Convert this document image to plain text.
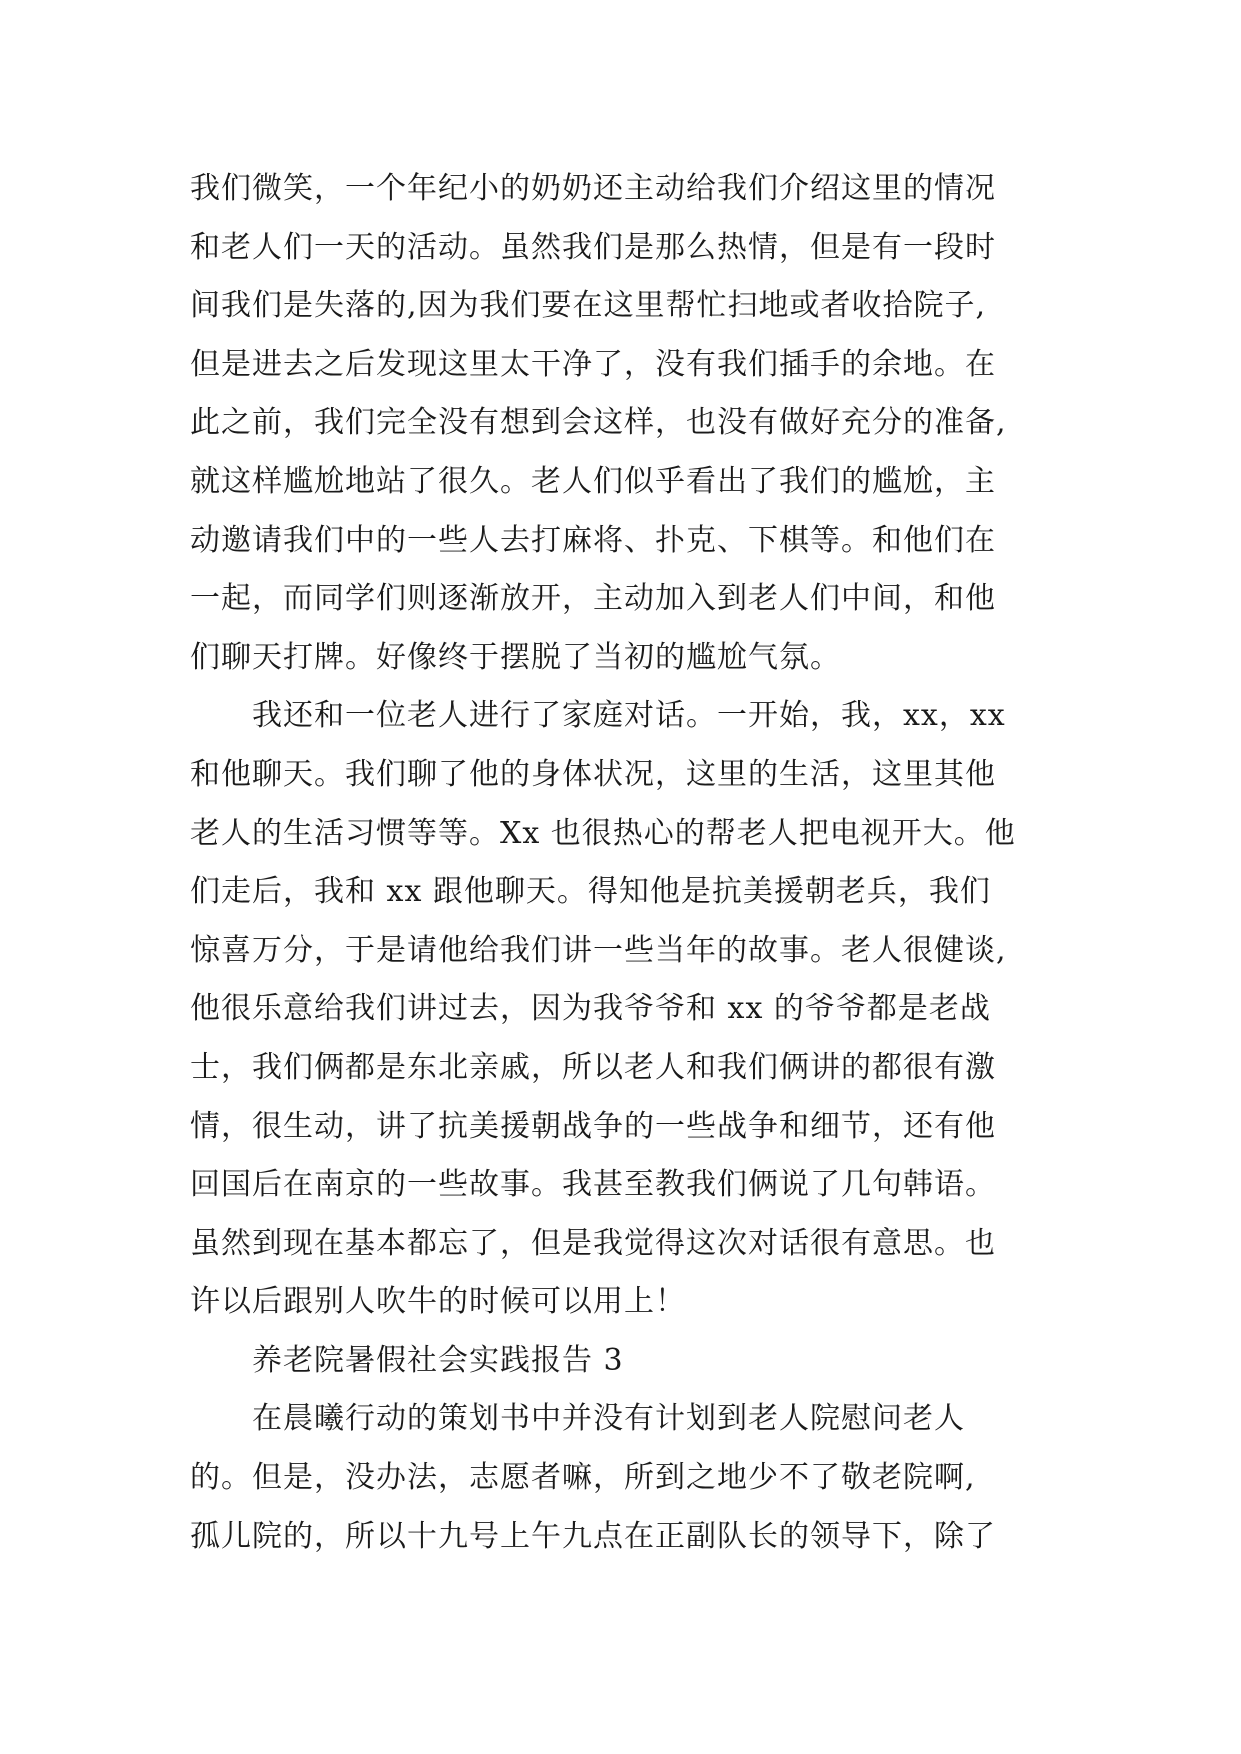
我们微笑，一个年纪小的奶奶还主动给我们介绍这里的情况
和老人们一天的活动。虽然我们是那么热情，但是有一段时
间我们是失落的,因为我们要在这里帮忙扫地或者收拾院子,
但是进去之后发现这里太干净了，没有我们插手的余地。在
此之前，我们完全没有想到会这样，也没有做好充分的准备,
就这样尴尬地站了很久。老人们似乎看出了我们的尴尬，主
动邀请我们中的一些人去打麻将、扑克、下棋等。和他们在
一起，而同学们则逐渐放开，主动加入到老人们中间，和他
们聊天打牌。好像终于摆脱了当初的尴尬气氛。
我还和一位老人进行了家庭对话。一开始，我，xx，xx
和他聊天。我们聊了他的身体状况，这里的生活，这里其他
老人的生活习惯等等。Xx 也很热心的帮老人把电视开大。他
们走后，我和 xx 跟他聊天。得知他是抗美援朝老兵，我们
惊喜万分，于是请他给我们讲一些当年的故事。老人很健谈,
他很乐意给我们讲过去，因为我爷爷和 xx 的爷爷都是老战
士，我们俩都是东北亲戚，所以老人和我们俩讲的都很有激
情，很生动，讲了抗美援朝战争的一些战争和细节，还有他
回国后在南京的一些故事。我甚至教我们俩说了几句韩语。
虽然到现在基本都忘了，但是我觉得这次对话很有意思。也
许以后跟别人吹牛的时候可以用上！
养老院暑假社会实践报告 3
在晨曦行动的策划书中并没有计划到老人院慰问老人
的。但是，没办法，志愿者嘛，所到之地少不了敬老院啊,
孤儿院的，所以十九号上午九点在正副队长的领导下，除了
